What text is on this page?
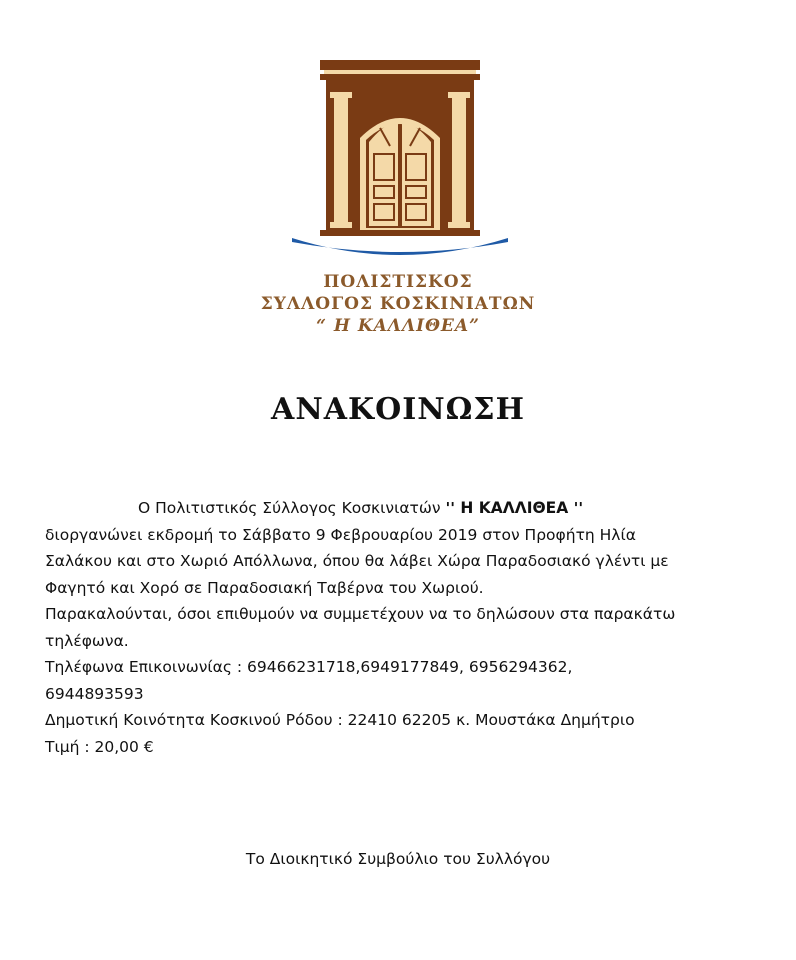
ΠΟΛΙΣΤΙΣΚΟΣ
ΣΥΛΛΟΓΟΣ ΚΟΣΚΙΝΙΑΤΩΝ
“ Η ΚΑΛΛΙΘΕΑ”
ΑΝΑΚΟΙΝΩΣΗ
Ο Πολιτιστικός Σύλλογος Κοσκινιατών '' Η ΚΑΛΛΙΘΕΑ ''
διοργανώνει εκδρομή το Σάββατο 9 Φεβρουαρίου 2019 στον Προφήτη Ηλία
Σαλάκου και στο Χωριό Απόλλωνα, όπου θα λάβει Χώρα Παραδοσιακό γλέντι με
Φαγητό και Χορό σε Παραδοσιακή Ταβέρνα του Χωριού.
Παρακαλούνται, όσοι επιθυμούν να συμμετέχουν να το δηλώσουν στα παρακάτω
τηλέφωνα.
Τηλέφωνα Επικοινωνίας : 69466231718,6949177849, 6956294362,
6944893593
Δημοτική Κοινότητα Κοσκινού Ρόδου : 22410 62205 κ. Μουστάκα Δημήτριο
Τιμή : 20,00 €
Το Διοικητικό Συμβούλιο του Συλλόγου
